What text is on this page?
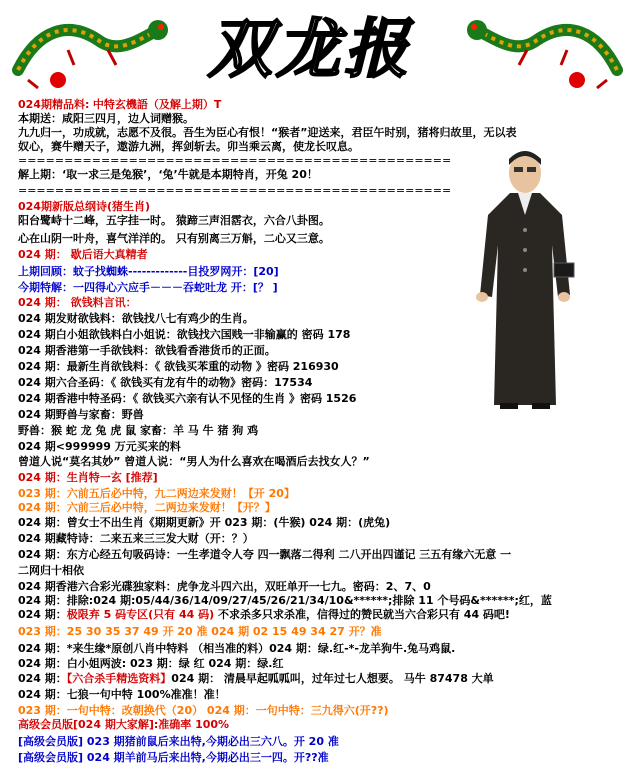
双龙报
024期精品料: 中特玄機語（及解上期）T
本期送：咸阳三四月，边人词赠猴。
九九归一，功成就，志愿不及很。吾生为臣心有恨！“猴者”迎送来，君臣午时别，猪将归故里，无以表
奴心，赛牛赠天子，遨游九洲，挥剑斩去。卯当乘云离，使龙长叹息。
===============================================
解上期：‘取一求三是兔猴’，‘兔’牛就是本期特肖，开兔 20！
===============================================
024期新版总纲诗(猪生肖)
阳台鹭峙十二峰，五字挂一时。 猿蹄三声泪霑衣，六合八卦图。
心在山阴一叶舟，喜气洋洋的。 只有别离三万斛，二心又三意。
024 期： 歇后语大真精者
上期回顾：蚊子找蜘蛛-------------目投罗网开：[20]
今期特解：一四得心六应手－－－吞蛇吐龙 开：[？ ]
024 期： 欲钱料言讯：
024 期发财欲钱料：欲钱找八七有鸡少的生肖。
024 期白小姐欲钱料白小姐说：欲钱找六国贱一非输赢的 密码 178
024 期香港第一手欲钱料：欲钱看香港货币的正面。
024 期：最新生肖欲钱料：《 欲钱买苯重的动物 》密码 216930
024 期六合圣码：《 欲钱买有龙有牛的动物》密码：17534
024 期香港中特圣码：《 欲钱买六亲有认不见怪的生肖 》密码 1526
024 期野兽与家畜：野兽
野兽：猴 蛇 龙 兔 虎 鼠 家畜：羊 马 牛 猪 狗 鸡
024 期<999999 万元买来的料
曾道人说“莫名其妙” 曾道人说：“男人为什么喜欢在喝酒后去找女人？”
024 期：生肖特一玄 [推荐]
023 期：六前五后必中特，九二两边来发财！【开 20】
024 期：六前三后必中特，二两边来发财！【开？】
024 期：曾女士不出生肖《期期更新》开 023 期：(牛猴) 024 期：(虎兔)
024 期藏特诗：二来五来三三发大财（开：？）
024 期：东方心经五句吸码诗：一生孝道令人夸 四一飘落二得利 二八开出四谨记 三五有缘六无意 一
二网归十相依
024 期香港六合彩光碟独家料：虎争龙斗四六出，双旺单开一七九。密码：2、7、0
024 期：排除:024 期:05/44/36/14/09/27/45/26/21/34/10&******;排除 11 个号码&******;红，蓝
024 期：极限弃 5 码专区(只有 44 码) 不求杀多只求杀准，信得过的赞民就当六合彩只有 44 码吧!
023 期：25 30 35 37 49 开 20 准 024 期 02 15 49 34 27 开？准
024 期：*来生缘*原创八肖中特料 （相当准的料）024 期：绿.红-*-龙羊狗牛.兔马鸡鼠.
024 期：白小姐两波: 023 期：绿 红 024 期：绿.红
024 期：【六合杀手精选资料】024 期： 清晨早起呱呱叫，过年过七人想要。 马牛 87478 大单
024 期：七狼一句中特 100%准准！准！
023 期：一句中特：改朝换代（20） 024 期：一句中特：三九得六(开??)
高级会员版[024 期大家解]:准确率 100%
[高级会员版] 023 期猪前鼠后来出特,今期必出三六八。开 20 准
[高级会员版] 024 期羊前马后来出特,今期必出三一四。开??准
